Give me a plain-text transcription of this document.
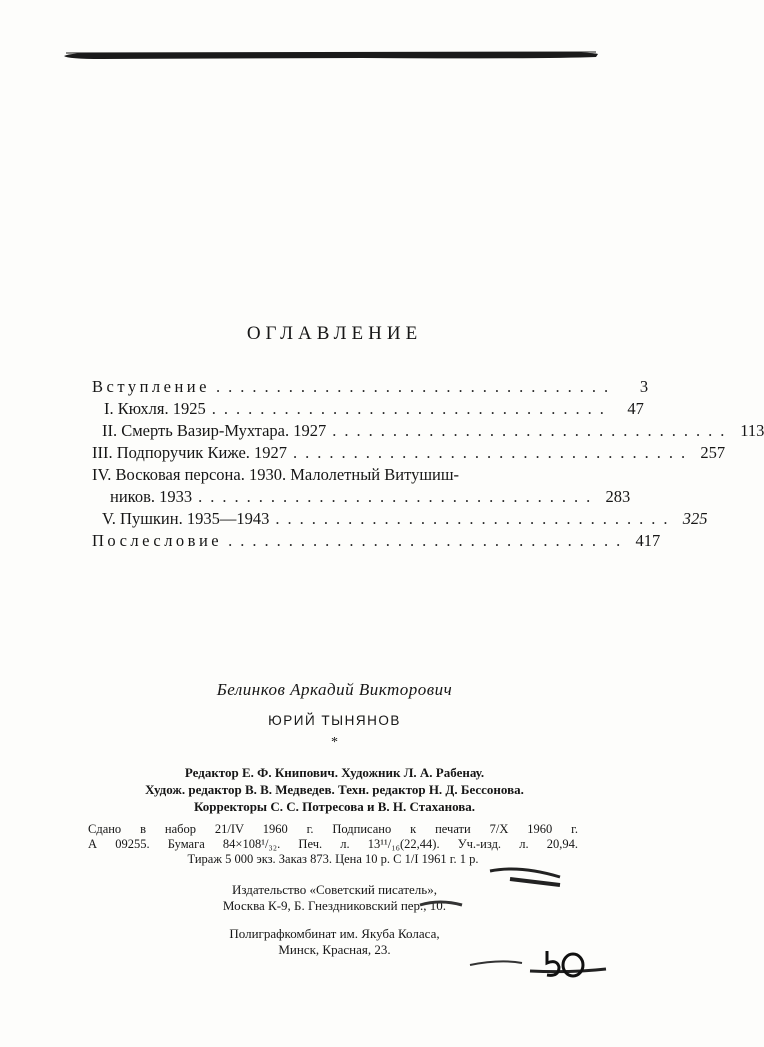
ОГЛАВЛЕНИЕ
Вступление .................................	3
I. Кюхля. 1925 ................................. 47
II. Смерть Вазир-Мухтара. 1927 ................................. 113
III. Подпоручик Киже. 1927 ................................. 257
IV. Восковая персона. 1930. Малолетный Витушиш-
ников. 1933 ................................. 283
V. Пушкин. 1935—1943 ................................. 325
Послесловие ................................. 417
Белинков Аркадий Викторович
ЮРИЙ ТЫНЯНОВ
*
Редактор Е. Ф. Книпович. Художник Л. А. Рабенау.
Худож. редактор В. В. Медведев. Техн. редактор Н. Д. Бессонова.
Корректоры С. С. Потресова и В. Н. Стаханова.
Сдано в набор 21/IV 1960 г. Подписано к печати 7/X 1960 г.
А 09255. Бумага 84×108¹/₃₂. Печ. л. 13¹¹/₁₆(22,44). Уч.-изд. л. 20,94.
Тираж 5 000 экз. Заказ 873. Цена 10 р. С 1/I 1961 г. 1 р.
Издательство «Советский писатель»,
Москва К-9, Б. Гнездниковский пер., 10.
Полиграфкомбинат им. Якуба Коласа,
Минск, Красная, 23.
